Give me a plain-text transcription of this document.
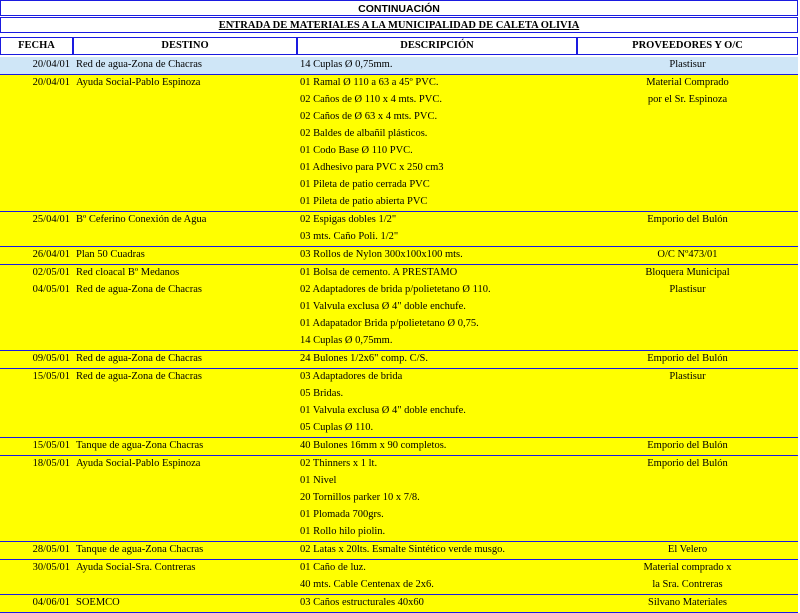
CONTINUACIÓN
ENTRADA DE MATERIALES A LA MUNICIPALIDAD DE CALETA OLIVIA
FECHA	DESTINO	DESCRIPCIÓN	PROVEEDORES Y O/C
20/04/01 Red de agua-Zona de Chacras	14 Cuplas Ø 0,75mm.	Plastisur
20/04/01 Ayuda Social-Pablo Espinoza	01 Ramal Ø 110 a 63 a 45º PVC.	Material Comprado
02 Caños de Ø 110 x 4 mts. PVC.	por el Sr. Espinoza
02 Caños de Ø 63 x 4 mts. PVC.
02 Baldes de albañil plásticos.
01 Codo Base Ø 110 PVC.
01 Adhesivo para PVC x 250 cm3
01 Pileta de patio cerrada PVC
01 Pileta de patio abierta PVC
25/04/01 Bº Ceferino Conexión de Agua	02 Espigas dobles 1/2"	Emporio del Bulón
03 mts. Caño Poli. 1/2"
26/04/01 Plan 50 Cuadras	03 Rollos de Nylon 300x100x100 mts.	O/C Nº473/01
02/05/01 Red cloacal Bº Medanos	01 Bolsa de cemento. A PRESTAMO	Bloquera Municipal
04/05/01 Red de agua-Zona de Chacras	02 Adaptadores de brida p/polietetano Ø 110.	Plastisur
01 Valvula exclusa Ø 4" doble enchufe.
01 Adapatador Brida p/polietetano Ø 0,75.
14 Cuplas Ø 0,75mm.
09/05/01 Red de agua-Zona de Chacras	24 Bulones 1/2x6" comp. C/S.	Emporio del Bulón
15/05/01 Red de agua-Zona de Chacras	03 Adaptadores de brida	Plastisur
05 Bridas.
01 Valvula exclusa Ø 4" doble enchufe.
05 Cuplas Ø 110.
15/05/01 Tanque de agua-Zona Chacras	40 Bulones 16mm x 90 completos.	Emporio del Bulón
18/05/01 Ayuda Social-Pablo Espinoza	02 Thinners x 1 lt.	Emporio del Bulón
01 Nivel
20 Tornillos parker 10 x 7/8.
01 Plomada 700grs.
01 Rollo hilo piolin.
28/05/01 Tanque de agua-Zona Chacras	02 Latas x 20lts. Esmalte Sintético verde musgo.	El Velero
30/05/01 Ayuda Social-Sra. Contreras	01 Caño de luz.	Material comprado x
40 mts. Cable Centenax de 2x6.	la Sra. Contreras
04/06/01 SOEMCO	03 Caños estructurales 40x60	Silvano Materiales
